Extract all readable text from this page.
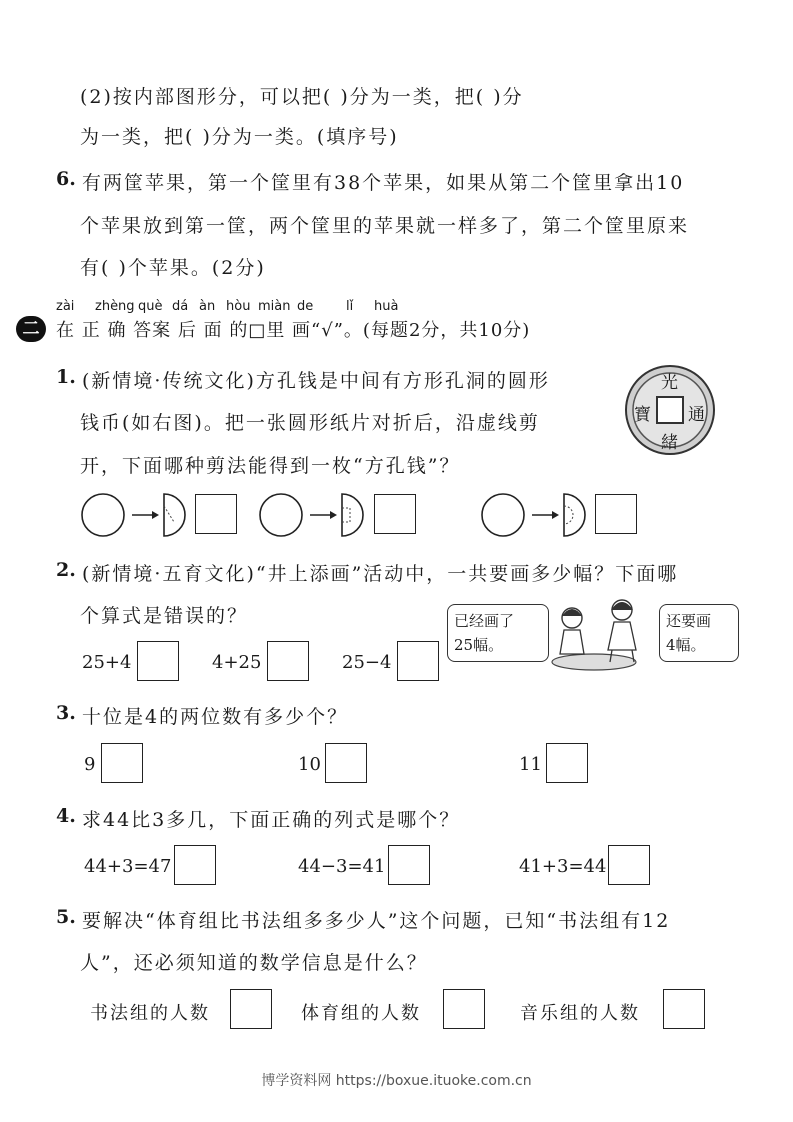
(2)按内部图形分，可以把( )分为一类，把( )分
为一类，把( )分为一类。(填序号)
6. 有两筐苹果，第一个筐里有38个苹果，如果从第二个筐里拿出10
个苹果放到第一筐，两个筐里的苹果就一样多了，第二个筐里原来
有( )个苹果。(2分)
zài zhèng què dá àn hòu miàn de	lǐ huà
二 在 正 确 答案 后 面 的□里 画“√”。(每题2分，共10分)
1. (新情境·传统文化)方孔钱是中间有方形孔洞的圆形
钱币(如右图)。把一张圆形纸片对折后，沿虚线剪
开，下面哪种剪法能得到一枚“方孔钱”？
光
通
緒
寶
2. (新情境·五育文化)“井上添画”活动中，一共要画多少幅？下面哪
个算式是错误的？
25+4	4+25	25−4
已经画了
25幅。
还要画
4幅。
3. 十位是4的两位数有多少个？
9	10	11
4. 求44比3多几，下面正确的列式是哪个？
44+3=47	44−3=41	41+3=44
5. 要解决“体育组比书法组多多少人”这个问题，已知“书法组有12
人”，还必须知道的数学信息是什么？
书法组的人数	体育组的人数	音乐组的人数
博学资料网 https://boxue.ituoke.com.cn
